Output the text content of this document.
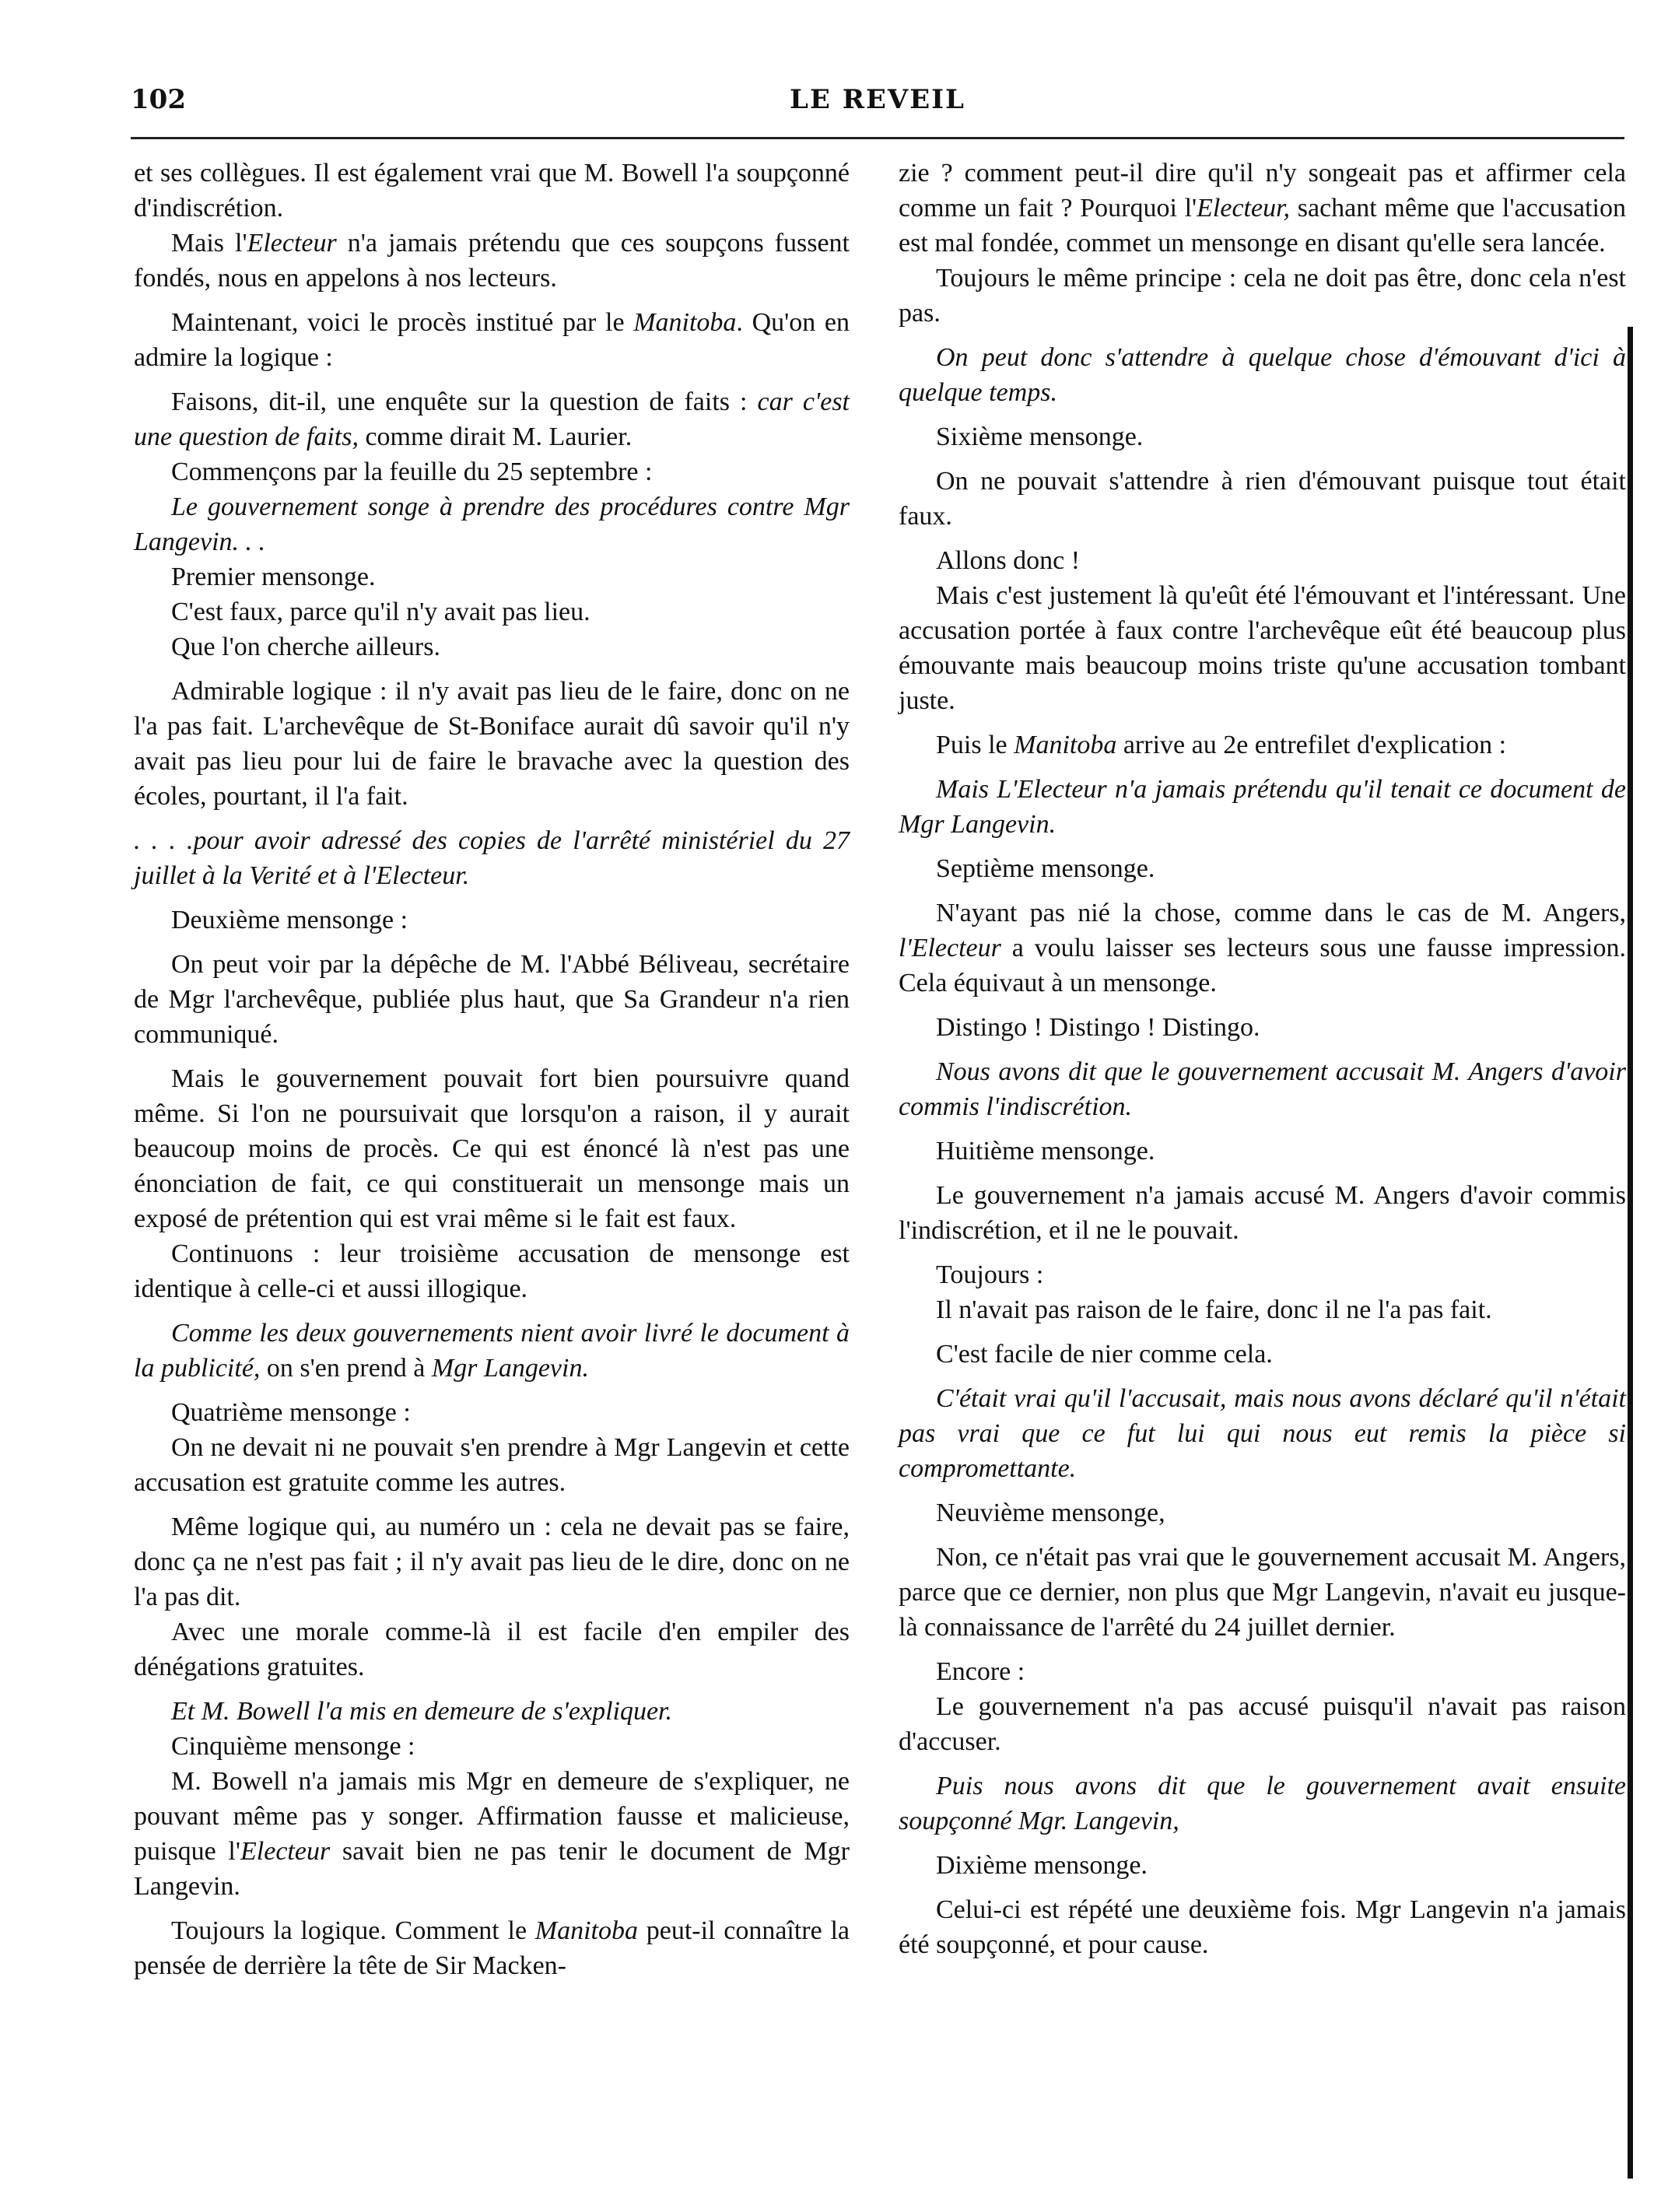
102	LE REVEIL

et ses collègues. Il est également vrai que M. Bowell l'a soupçonné d'indiscrétion.

Mais l'Electeur n'a jamais prétendu que ces soupçons fussent fondés, nous en appelons à nos lecteurs.

Maintenant, voici le procès institué par le Manitoba. Qu'on en admire la logique :

Faisons, dit-il, une enquête sur la question de faits : car c'est une question de faits, comme dirait M. Laurier.

Commençons par la feuille du 25 septembre :

Le gouvernement songe à prendre des procédures contre Mgr Langevin. . .

Premier mensonge.

C'est faux, parce qu'il n'y avait pas lieu.

Que l'on cherche ailleurs.

Admirable logique : il n'y avait pas lieu de le faire, donc on ne l'a pas fait. L'archevêque de St-Boniface aurait dû savoir qu'il n'y avait pas lieu pour lui de faire le bravache avec la question des écoles, pourtant, il l'a fait.

. . . .pour avoir adressé des copies de l'arrêté ministériel du 27 juillet à la Verité et à l'Electeur.

Deuxième mensonge :

On peut voir par la dépêche de M. l'Abbé Béliveau, secrétaire de Mgr l'archevêque, publiée plus haut, que Sa Grandeur n'a rien communiqué.

Mais le gouvernement pouvait fort bien poursuivre quand même. Si l'on ne poursuivait que lorsqu'on a raison, il y aurait beaucoup moins de procès. Ce qui est énoncé là n'est pas une énonciation de fait, ce qui constituerait un mensonge mais un exposé de prétention qui est vrai même si le fait est faux.

Continuons : leur troisième accusation de mensonge est identique à celle-ci et aussi illogique.

Comme les deux gouvernements nient avoir livré le document à la publicité, on s'en prend à Mgr Langevin.

Quatrième mensonge :

On ne devait ni ne pouvait s'en prendre à Mgr Langevin et cette accusation est gratuite comme les autres.

Même logique qui, au numéro un : cela ne devait pas se faire, donc ça ne n'est pas fait ; il n'y avait pas lieu de le dire, donc on ne l'a pas dit.

Avec une morale comme-là il est facile d'en empiler des dénégations gratuites.

Et M. Bowell l'a mis en demeure de s'expliquer.

Cinquième mensonge :

M. Bowell n'a jamais mis Mgr en demeure de s'expliquer, ne pouvant même pas y songer. Affirmation fausse et malicieuse, puisque l'Electeur savait bien ne pas tenir le document de Mgr Langevin.

Toujours la logique. Comment le Manitoba peut-il connaître la pensée de derrière la tête de Sir Macken-

zie ? comment peut-il dire qu'il n'y songeait pas et affirmer cela comme un fait ? Pourquoi l'Electeur, sachant même que l'accusation est mal fondée, commet un mensonge en disant qu'elle sera lancée.

Toujours le même principe : cela ne doit pas être, donc cela n'est pas.

On peut donc s'attendre à quelque chose d'émouvant d'ici à quelque temps.

Sixième mensonge.

On ne pouvait s'attendre à rien d'émouvant puisque tout était faux.

Allons donc !

Mais c'est justement là qu'eût été l'émouvant et l'intéressant. Une accusation portée à faux contre l'archevêque eût été beaucoup plus émouvante mais beaucoup moins triste qu'une accusation tombant juste.

Puis le Manitoba arrive au 2e entrefilet d'explication :

Mais L'Electeur n'a jamais prétendu qu'il tenait ce document de Mgr Langevin.

Septième mensonge.

N'ayant pas nié la chose, comme dans le cas de M. Angers, l'Electeur a voulu laisser ses lecteurs sous une fausse impression. Cela équivaut à un mensonge.

Distingo ! Distingo ! Distingo.

Nous avons dit que le gouvernement accusait M. Angers d'avoir commis l'indiscrétion.

Huitième mensonge.

Le gouvernement n'a jamais accusé M. Angers d'avoir commis l'indiscrétion, et il ne le pouvait.

Toujours :

Il n'avait pas raison de le faire, donc il ne l'a pas fait.

C'est facile de nier comme cela.

C'était vrai qu'il l'accusait, mais nous avons déclaré qu'il n'était pas vrai que ce fut lui qui nous eut remis la pièce si compromettante.

Neuvième mensonge,

Non, ce n'était pas vrai que le gouvernement accusait M. Angers, parce que ce dernier, non plus que Mgr Langevin, n'avait eu jusque-là connaissance de l'arrêté du 24 juillet dernier.

Encore :

Le gouvernement n'a pas accusé puisqu'il n'avait pas raison d'accuser.

Puis nous avons dit que le gouvernement avait ensuite soupçonné Mgr. Langevin,

Dixième mensonge.

Celui-ci est répété une deuxième fois. Mgr Langevin n'a jamais été soupçonné, et pour cause.
